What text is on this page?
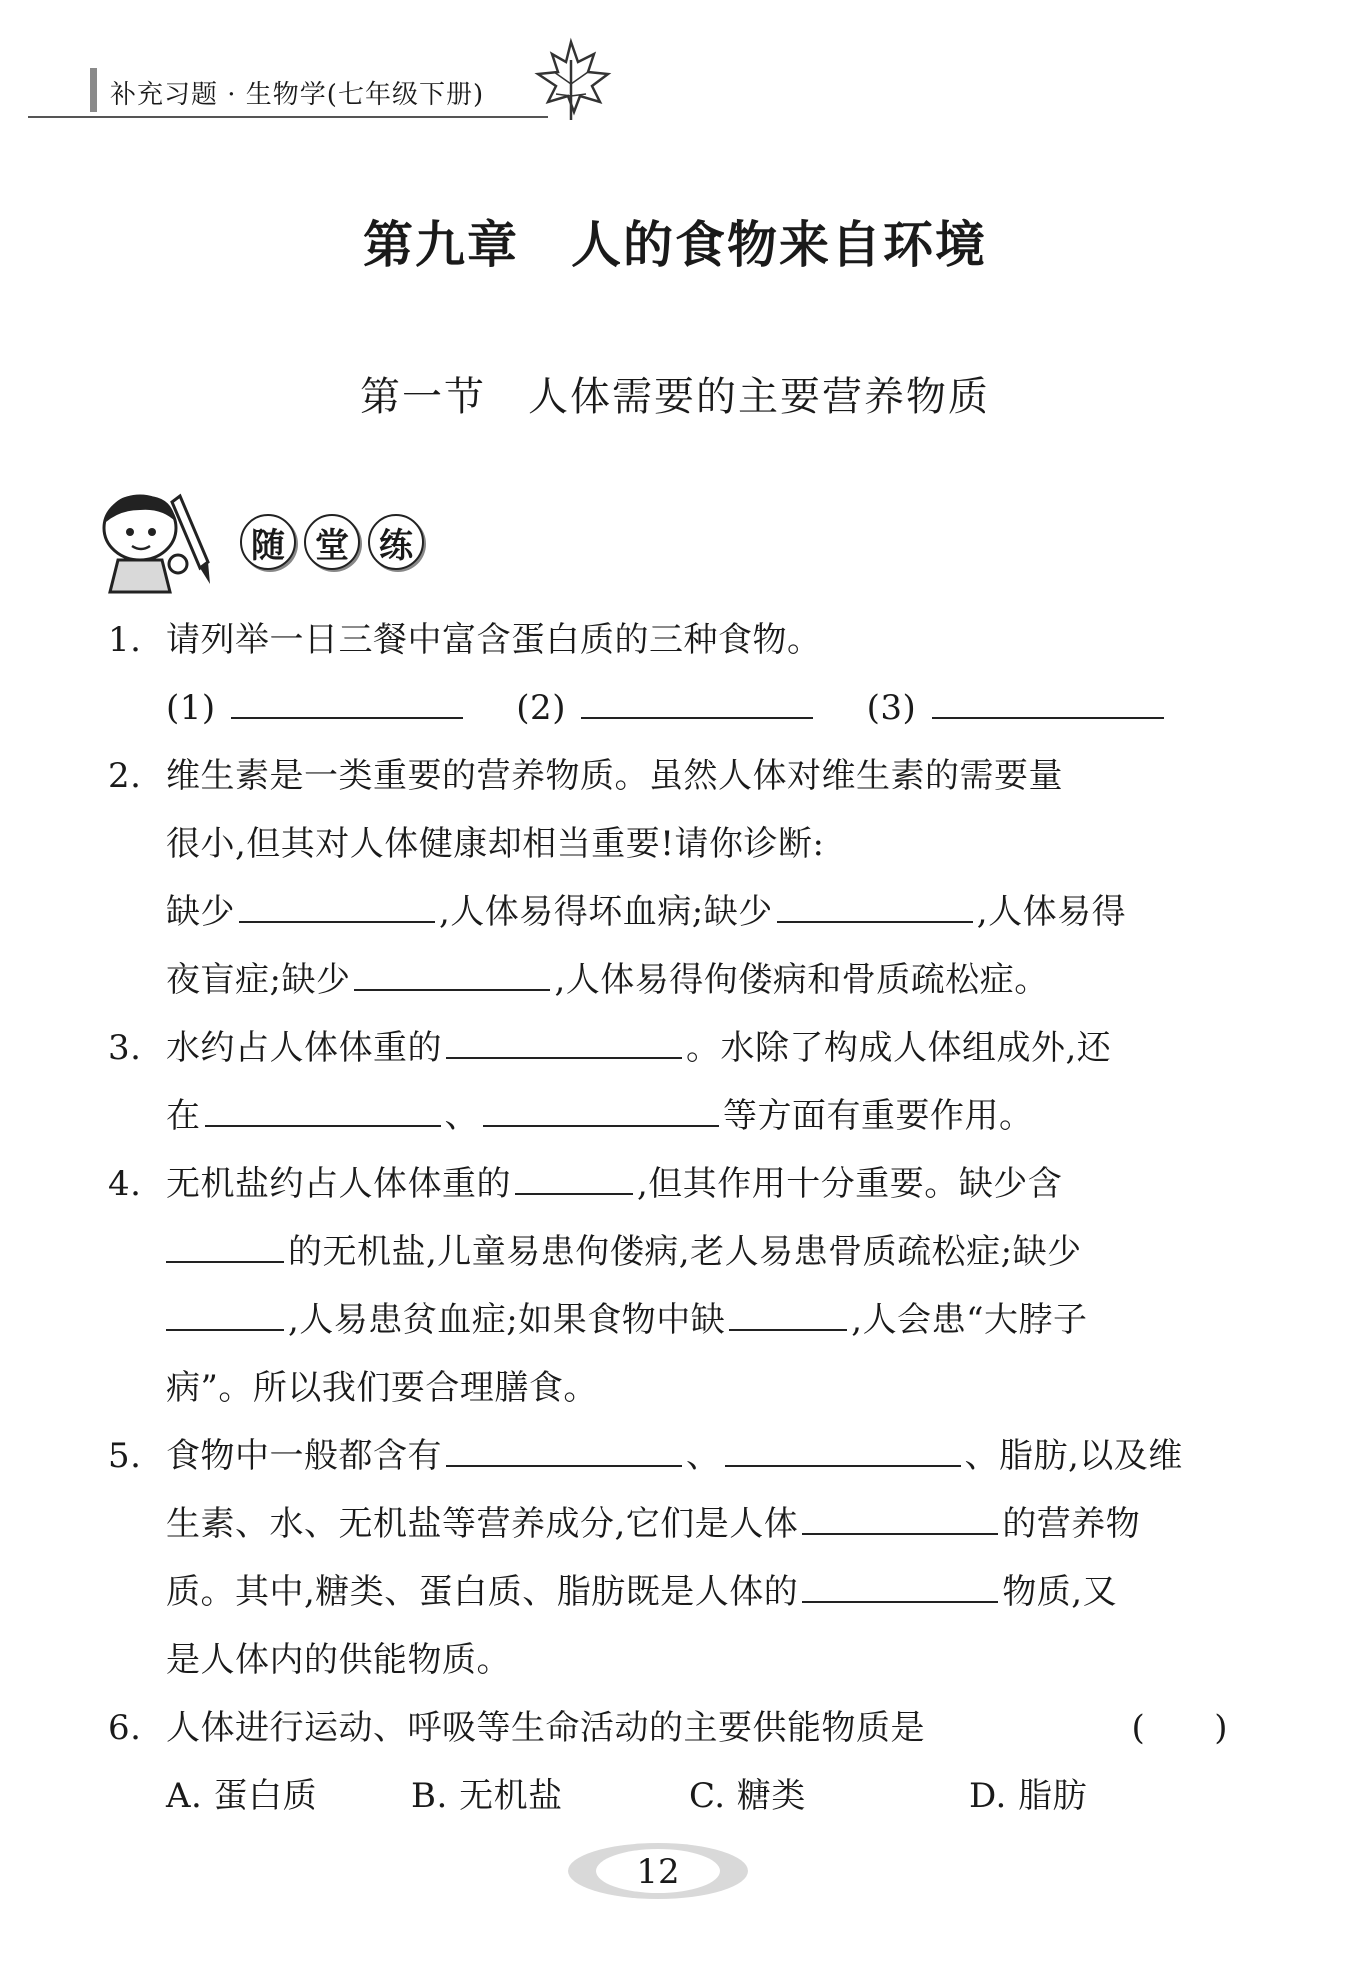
补充习题 · 生物学(七年级下册)
第九章　人的食物来自环境
第一节　人体需要的主要营养物质
随 堂 练
1. 请列举一日三餐中富含蛋白质的三种食物。
(1)	(2)	(3)
2. 维生素是一类重要的营养物质。虽然人体对维生素的需要量
很小,但其对人体健康却相当重要!请你诊断:
缺少	,人体易得坏血病;缺少	,人体易得
夜盲症;缺少	,人体易得佝偻病和骨质疏松症。
3. 水约占人体体重的	。水除了构成人体组成外,还
在	、	等方面有重要作用。
4. 无机盐约占人体体重的	,但其作用十分重要。缺少含
的无机盐,儿童易患佝偻病,老人易患骨质疏松症;缺少
,人易患贫血症;如果食物中缺	,人会患“大脖子
病”。所以我们要合理膳食。
5. 食物中一般都含有	、	、脂肪,以及维
生素、水、无机盐等营养成分,它们是人体	的营养物
质。其中,糖类、蛋白质、脂肪既是人体的	物质,又
是人体内的供能物质。
6. 人体进行运动、呼吸等生命活动的主要供能物质是	(　　)
A. 蛋白质	B. 无机盐	C. 糖类	D. 脂肪
12
